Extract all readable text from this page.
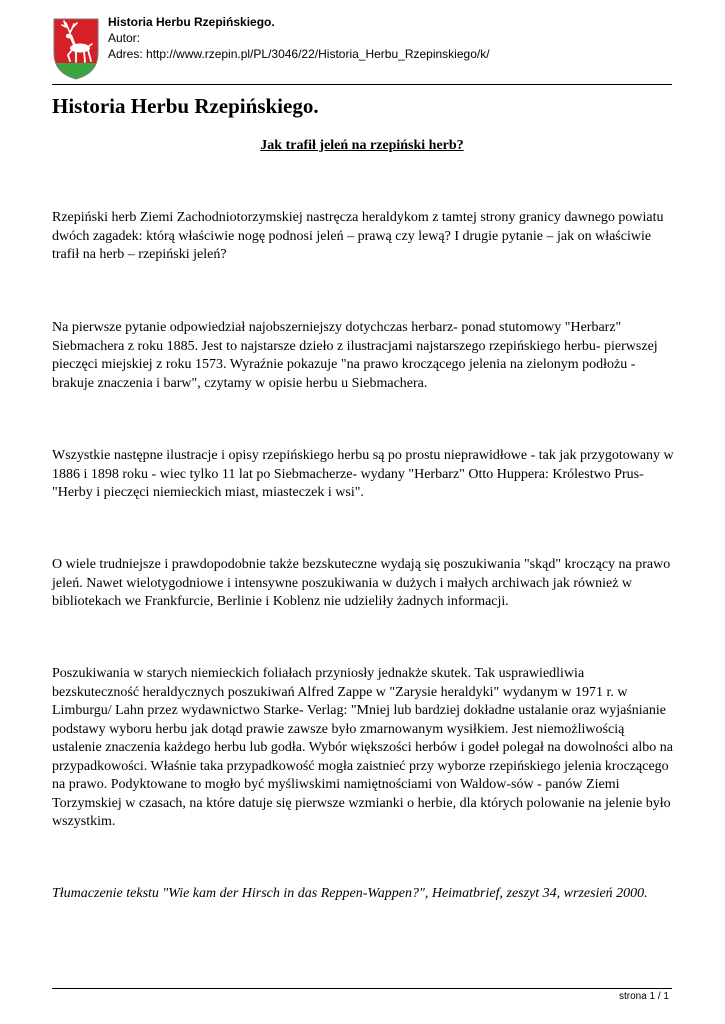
Historia Herbu Rzepińskiego.
Autor:
Adres: http://www.rzepin.pl/PL/3046/22/Historia_Herbu_Rzepinskiego/k/
Historia Herbu Rzepińskiego.
Jak trafił jeleń na rzepiński herb?

Rzepiński herb Ziemi Zachodniotorzymskiej nastręcza heraldykom z tamtej strony granicy dawnego powiatu dwóch zagadek: którą właściwie nogę podnosi jeleń – prawą czy lewą? I drugie pytanie – jak on właściwie trafił na herb – rzepiński jeleń?

Na pierwsze pytanie odpowiedział najobszerniejszy dotychczas herbarz- ponad stutomowy "Herbarz" Siebmachera z roku 1885. Jest to najstarsze dzieło z ilustracjami najstarszego rzepińskiego herbu- pierwszej pieczęci miejskiej z roku 1573. Wyraźnie pokazuje "na prawo kroczącego jelenia na zielonym podłożu - brakuje znaczenia i barw", czytamy w opisie herbu u Siebmachera.

Wszystkie następne ilustracje i opisy rzepińskiego herbu są po prostu nieprawidłowe - tak jak przygotowany w 1886 i 1898 roku - wiec tylko 11 lat po Siebmacherze- wydany "Herbarz" Otto Huppera: Królestwo Prus- "Herby i pieczęci niemieckich miast, miasteczek i wsi".

O wiele trudniejsze i prawdopodobnie także bezskuteczne wydają się poszukiwania "skąd" kroczący na prawo jeleń. Nawet wielotygodniowe i intensywne poszukiwania w dużych i małych archiwach jak również w bibliotekach we Frankfurcie, Berlinie i Koblenz nie udzieliły żadnych informacji.

Poszukiwania w starych niemieckich foliałach przyniosły jednakże skutek. Tak usprawiedliwia bezskuteczność heraldycznych poszukiwań Alfred Zappe w "Zarysie heraldyki" wydanym w 1971 r. w Limburgu/ Lahn przez wydawnictwo Starke- Verlag: "Mniej lub bardziej dokładne ustalanie oraz wyjaśnianie podstawy wyboru herbu jak dotąd prawie zawsze było zmarnowanym wysiłkiem. Jest niemożliwością ustalenie znaczenia każdego herbu lub godła. Wybór większości herbów i godeł polegał na dowolności albo na przypadkowości. Właśnie taka przypadkowość mogła zaistnieć przy wyborze rzepińskiego jelenia kroczącego na prawo. Podyktowane to mogło być myśliwskimi namiętnościami von Waldow-sów - panów Ziemi Torzymskiej w czasach, na które datuje się pierwsze wzmianki o herbie, dla których polowanie na jelenie było wszystkim.

Tłumaczenie tekstu "Wie kam der Hirsch in das Reppen-Wappen?", Heimatbrief, zeszyt 34, wrzesień 2000.

strona 1 / 1
